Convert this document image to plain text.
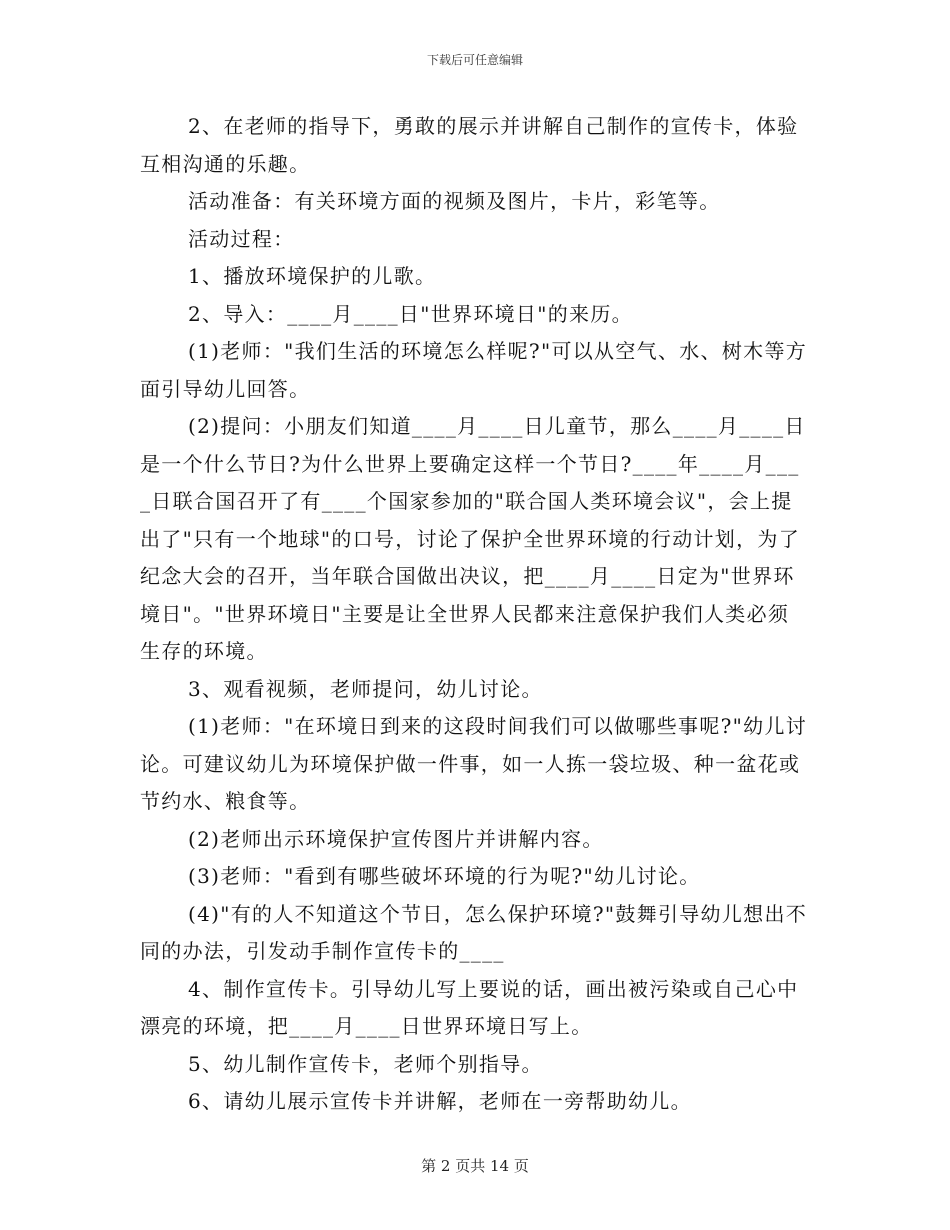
下载后可任意编辑

2、在老师的指导下，勇敢的展示并讲解自己制作的宣传卡，体验互相沟通的乐趣。

活动准备：有关环境方面的视频及图片，卡片，彩笔等。

活动过程：

1、播放环境保护的儿歌。

2、导入：____月____日"世界环境日"的来历。

(1)老师："我们生活的环境怎么样呢?"可以从空气、水、树木等方面引导幼儿回答。

(2)提问：小朋友们知道____月____日儿童节，那么____月____日是一个什么节日?为什么世界上要确定这样一个节日?____年____月____日联合国召开了有____个国家参加的"联合国人类环境会议"，会上提出了"只有一个地球"的口号，讨论了保护全世界环境的行动计划，为了纪念大会的召开，当年联合国做出决议，把____月____日定为"世界环境日"。"世界环境日"主要是让全世界人民都来注意保护我们人类必须生存的环境。

3、观看视频，老师提问，幼儿讨论。

(1)老师："在环境日到来的这段时间我们可以做哪些事呢?"幼儿讨论。可建议幼儿为环境保护做一件事，如一人拣一袋垃圾、种一盆花或节约水、粮食等。

(2)老师出示环境保护宣传图片并讲解内容。

(3)老师："看到有哪些破坏环境的行为呢?"幼儿讨论。

(4)"有的人不知道这个节日，怎么保护环境?"鼓舞引导幼儿想出不同的办法，引发动手制作宣传卡的____

4、制作宣传卡。引导幼儿写上要说的话，画出被污染或自己心中漂亮的环境，把____月____日世界环境日写上。

5、幼儿制作宣传卡，老师个别指导。

6、请幼儿展示宣传卡并讲解，老师在一旁帮助幼儿。

第 2 页共 14 页
